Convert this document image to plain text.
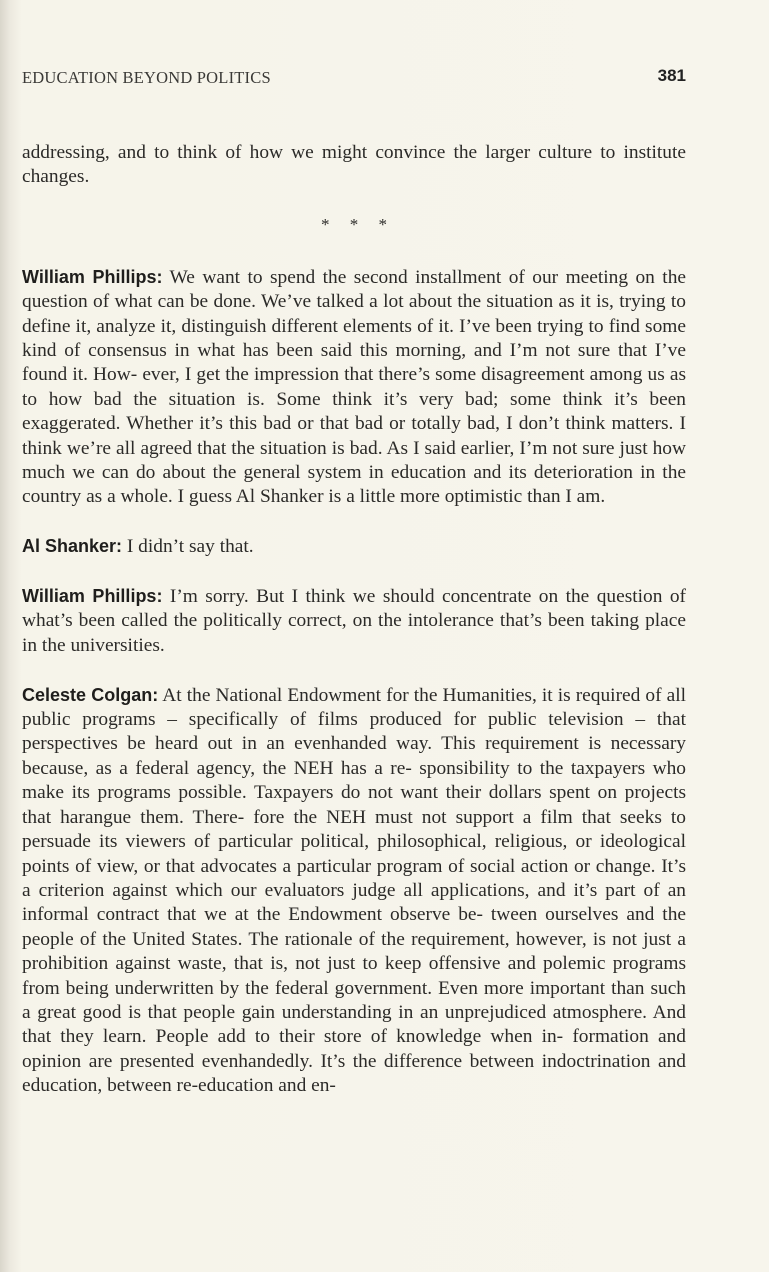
EDUCATION BEYOND POLITICS	381

addressing, and to think of how we might convince the larger culture to institute changes.

* * *

William Phillips: We want to spend the second installment of our meeting on the question of what can be done. We’ve talked a lot about the situation as it is, trying to define it, analyze it, distinguish different elements of it. I’ve been trying to find some kind of consensus in what has been said this morning, and I’m not sure that I’ve found it. How- ever, I get the impression that there’s some disagreement among us as to how bad the situation is. Some think it’s very bad; some think it’s been exaggerated. Whether it’s this bad or that bad or totally bad, I don’t think matters. I think we’re all agreed that the situation is bad. As I said earlier, I’m not sure just how much we can do about the general system in education and its deterioration in the country as a whole. I guess Al Shanker is a little more optimistic than I am.

Al Shanker: I didn’t say that.

William Phillips: I’m sorry. But I think we should concentrate on the question of what’s been called the politically correct, on the intolerance that’s been taking place in the universities.

Celeste Colgan: At the National Endowment for the Humanities, it is required of all public programs – specifically of films produced for public television – that perspectives be heard out in an evenhanded way. This requirement is necessary because, as a federal agency, the NEH has a re- sponsibility to the taxpayers who make its programs possible. Taxpayers do not want their dollars spent on projects that harangue them. There- fore the NEH must not support a film that seeks to persuade its viewers of particular political, philosophical, religious, or ideological points of view, or that advocates a particular program of social action or change. It’s a criterion against which our evaluators judge all applications, and it’s part of an informal contract that we at the Endowment observe be- tween ourselves and the people of the United States. The rationale of the requirement, however, is not just a prohibition against waste, that is, not just to keep offensive and polemic programs from being underwritten by the federal government. Even more important than such a great good is that people gain understanding in an unprejudiced atmosphere. And that they learn. People add to their store of knowledge when in- formation and opinion are presented evenhandedly. It’s the difference between indoctrination and education, between re-education and en-
